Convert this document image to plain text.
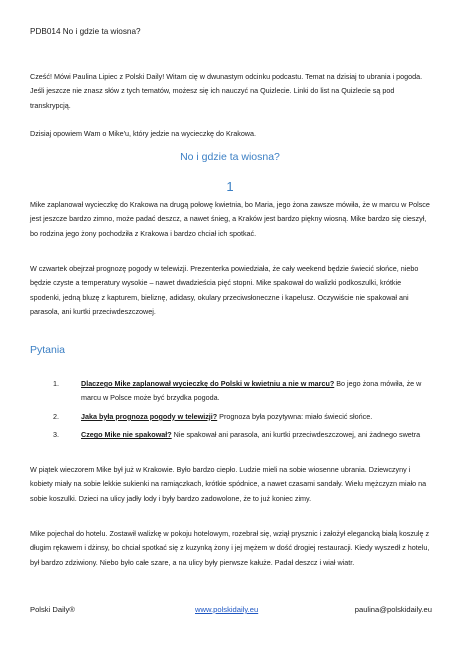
PDB014 No i gdzie ta wiosna?

Cześć! Mówi Paulina Lipiec z Polski Daily! Witam cię w dwunastym odcinku podcastu. Temat na dzisiaj to ubrania i pogoda. Jeśli jeszcze nie znasz słów z tych tematów, możesz się ich nauczyć na Quizlecie. Linki do list na Quizlecie są pod transkrypcją.

Dzisiaj opowiem Wam o Mike'u, który jedzie na wycieczkę do Krakowa.

No i gdzie ta wiosna?
1

Mike zaplanował wycieczkę do Krakowa na drugą połowę kwietnia, bo Maria, jego żona zawsze mówiła, że w marcu w Polsce jest jeszcze bardzo zimno, może padać deszcz, a nawet śnieg, a Kraków jest bardzo piękny wiosną. Mike bardzo się cieszył, bo rodzina jego żony pochodziła z Krakowa i bardzo chciał ich spotkać.

W czwartek obejrzał prognozę pogody w telewizji. Prezenterka powiedziała, że cały weekend będzie świecić słońce, niebo będzie czyste a temperatury wysokie – nawet dwadzieścia pięć stopni. Mike spakował do walizki podkoszulki, krótkie spodenki, jedną bluzę z kapturem, bieliznę, adidasy, okulary przeciwsłoneczne i kapelusz. Oczywiście nie spakował ani parasola, ani kurtki przeciwdeszczowej.

Pytania
1.	Dlaczego Mike zaplanował wycieczkę do Polski w kwietniu a nie w marcu? Bo jego żona mówiła, że w marcu w Polsce może być brzydka pogoda.
2.	Jaka była prognoza pogody w telewizji? Prognoza była pozytywna: miało świecić słońce.
3.	Czego Mike nie spakował? Nie spakował ani parasola, ani kurtki przeciwdeszczowej, ani żadnego swetra

W piątek wieczorem Mike był już w Krakowie. Było bardzo ciepło. Ludzie mieli na sobie wiosenne ubrania. Dziewczyny i kobiety miały na sobie lekkie sukienki na ramiączkach, krótkie spódnice, a nawet czasami sandały. Wielu mężczyzn miało na sobie koszulki. Dzieci na ulicy jadły lody i były bardzo zadowolone, że to już koniec zimy.

Mike pojechał do hotelu. Zostawił walizkę w pokoju hotelowym, rozebrał się, wziął prysznic i założył elegancką białą koszulę z długim rękawem i dżinsy, bo chciał spotkać się z kuzynką żony i jej mężem w dość drogiej restauracji. Kiedy wyszedł z hotelu, był bardzo zdziwiony. Niebo było całe szare, a na ulicy były pierwsze kałuże. Padał deszcz i wiał wiatr.

Polski Daily®	www.polskidaily.eu	paulina@polskidaily.eu
